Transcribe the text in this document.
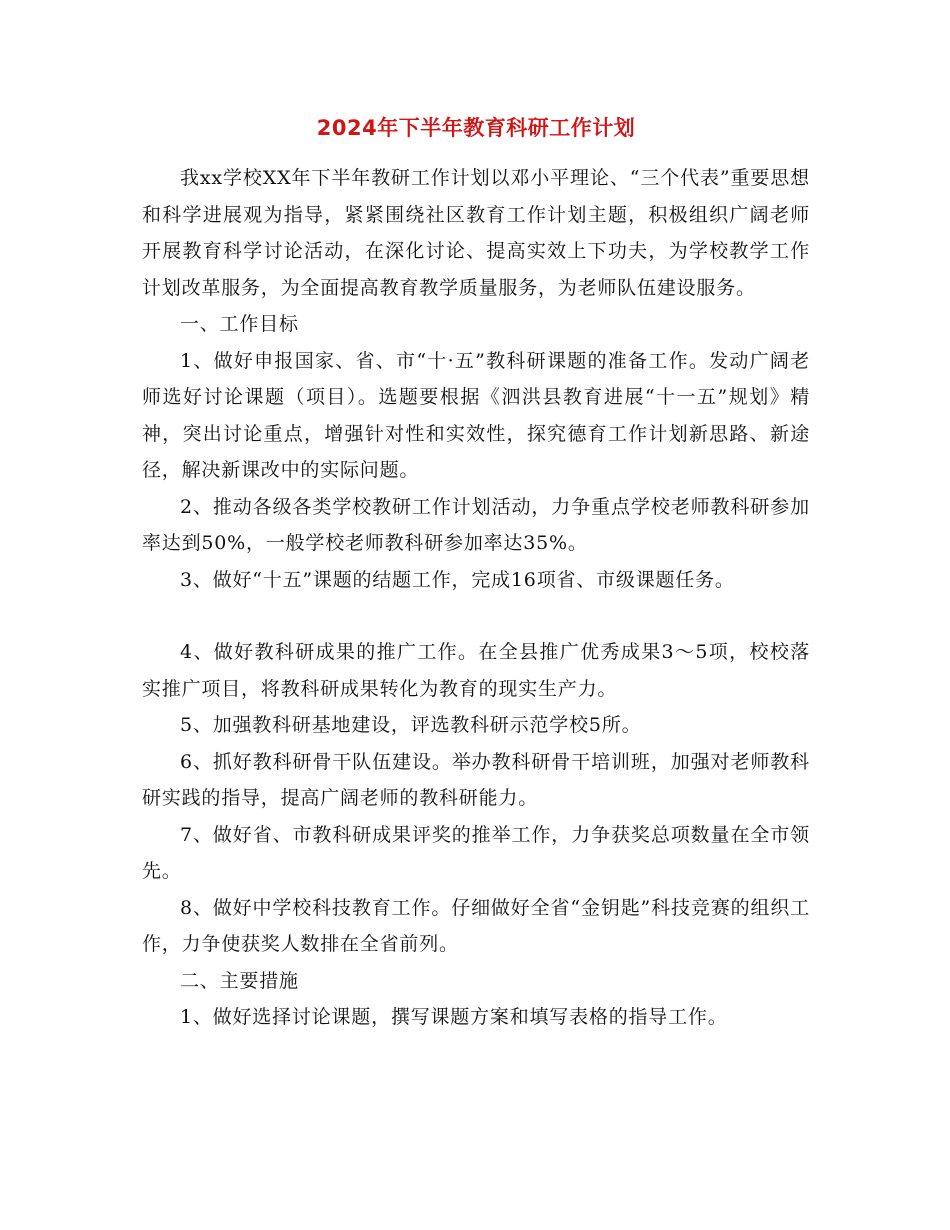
2024年下半年教育科研工作计划

我xx学校XX年下半年教研工作计划以邓小平理论、“三个代表”重要思想和科学进展观为指导，紧紧围绕社区教育工作计划主题，积极组织广阔老师开展教育科学讨论活动，在深化讨论、提高实效上下功夫，为学校教学工作计划改革服务，为全面提高教育教学质量服务，为老师队伍建设服务。

一、工作目标

1、做好申报国家、省、市“十·五”教科研课题的准备工作。发动广阔老师选好讨论课题（项目）。选题要根据《泗洪县教育进展“十一五”规划》精神，突出讨论重点，增强针对性和实效性，探究德育工作计划新思路、新途径，解决新课改中的实际问题。

2、推动各级各类学校教研工作计划活动，力争重点学校老师教科研参加率达到50%，一般学校老师教科研参加率达35%。

3、做好“十五”课题的结题工作，完成16项省、市级课题任务。

4、做好教科研成果的推广工作。在全县推广优秀成果3～5项，校校落实推广项目，将教科研成果转化为教育的现实生产力。

5、加强教科研基地建设，评选教科研示范学校5所。

6、抓好教科研骨干队伍建设。举办教科研骨干培训班，加强对老师教科研实践的指导，提高广阔老师的教科研能力。

7、做好省、市教科研成果评奖的推举工作，力争获奖总项数量在全市领先。

8、做好中学校科技教育工作。仔细做好全省“金钥匙”科技竞赛的组织工作，力争使获奖人数排在全省前列。

二、主要措施

1、做好选择讨论课题，撰写课题方案和填写表格的指导工作。
